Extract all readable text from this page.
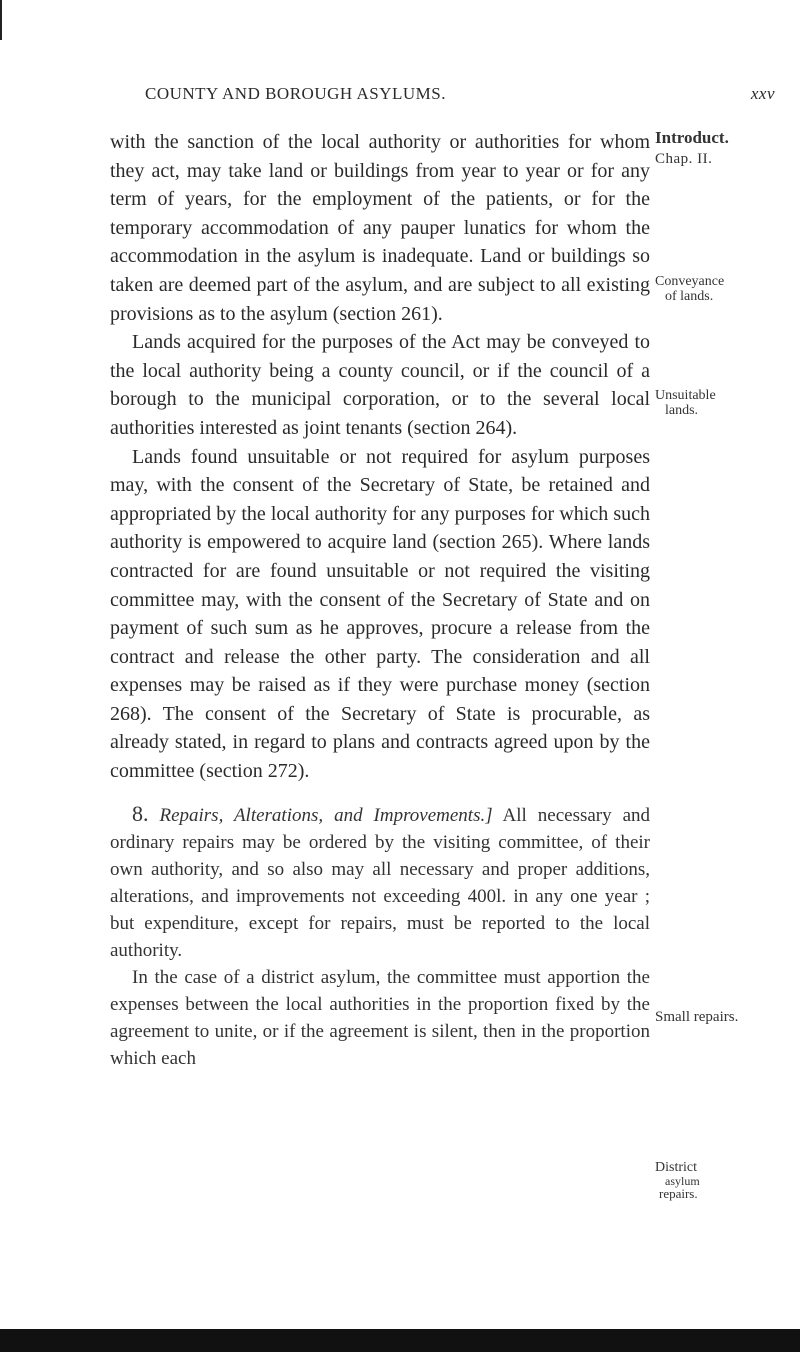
COUNTY AND BOROUGH ASYLUMS.	xxv

with the sanction of the local authority or authorities for whom they act, may take land or buildings from year to year or for any term of years, for the employment of the patients, or for the temporary accommodation of any pauper lunatics for whom the accommodation in the asylum is inadequate. Land or buildings so taken are deemed part of the asylum, and are subject to all existing provisions as to the asylum (section 261).

Lands acquired for the purposes of the Act may be conveyed to the local authority being a county council, or if the council of a borough to the municipal corporation, or to the several local authorities interested as joint tenants (section 264).

Lands found unsuitable or not required for asylum purposes may, with the consent of the Secretary of State, be retained and appropriated by the local authority for any purposes for which such authority is empowered to acquire land (section 265). Where lands contracted for are found unsuitable or not required the visiting committee may, with the consent of the Secretary of State and on payment of such sum as he approves, procure a release from the contract and release the other party. The consideration and all expenses may be raised as if they were purchase money (section 268). The consent of the Secretary of State is procurable, as already stated, in regard to plans and contracts agreed upon by the committee (section 272).

8. Repairs, Alterations, and Improvements.] All necessary and ordinary repairs may be ordered by the visiting committee, of their own authority, and so also may all necessary and proper additions, alterations, and improvements not exceeding 400l. in any one year ; but expenditure, except for repairs, must be reported to the local authority.

In the case of a district asylum, the committee must apportion the expenses between the local authorities in the proportion fixed by the agreement to unite, or if the agreement is silent, then in the proportion which each

Introduct.
Chap. II.
Conveyance
of lands.
Unsuitable
lands.
Small repairs.
District
asylum
repairs.
